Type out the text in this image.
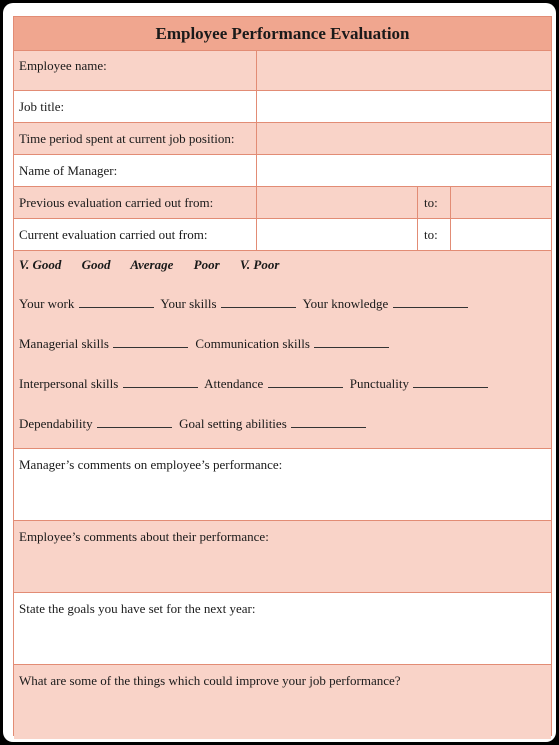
Employee Performance Evaluation
Employee name:
Job title:
Time period spent at current job position:
Name of Manager:
Previous evaluation carried out from:	to:
Current evaluation carried out from:	to:
V. Good Good Average Poor V. Poor
Your work	Your skills	Your knowledge
Managerial skills	Communication skills
Interpersonal skills	Attendance	Punctuality
Dependability	Goal setting abilities
Manager’s comments on employee’s performance:
Employee’s comments about their performance:
State the goals you have set for the next year:
What are some of the things which could improve your job performance?
